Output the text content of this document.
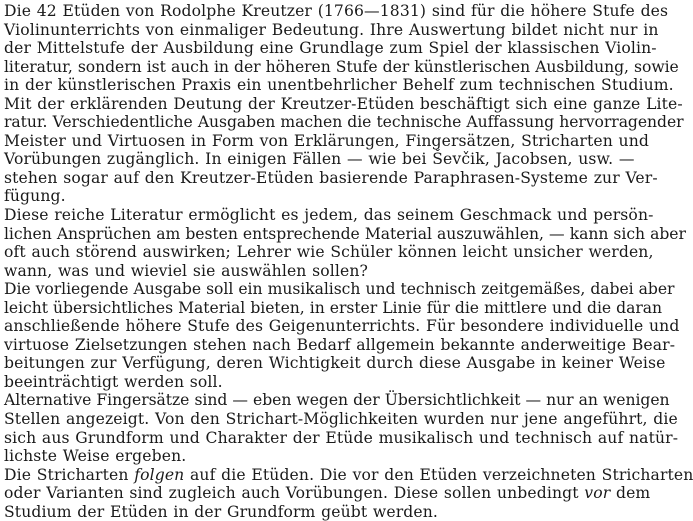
Die 42 Etüden von Rodolphe Kreutzer (1766—1831) sind für die höhere Stufe des
Violinunterrichts von einmaliger Bedeutung. Ihre Auswertung bildet nicht nur in
der Mittelstufe der Ausbildung eine Grundlage zum Spiel der klassischen Violin-
literatur, sondern ist auch in der höheren Stufe der künstlerischen Ausbildung, sowie
in der künstlerischen Praxis ein unentbehrlicher Behelf zum technischen Studium.
Mit der erklärenden Deutung der Kreutzer-Etüden beschäftigt sich eine ganze Lite-
ratur. Verschiedentliche Ausgaben machen die technische Auffassung hervorragender
Meister und Virtuosen in Form von Erklärungen, Fingersätzen, Stricharten und
Vorübungen zugänglich. In einigen Fällen — wie bei Ševčik, Jacobsen, usw. —
stehen sogar auf den Kreutzer-Etüden basierende Paraphrasen-Systeme zur Ver-
fügung.
Diese reiche Literatur ermöglicht es jedem, das seinem Geschmack und persön-
lichen Ansprüchen am besten entsprechende Material auszuwählen, — kann sich aber
oft auch störend auswirken; Lehrer wie Schüler können leicht unsicher werden,
wann, was und wieviel sie auswählen sollen?
Die vorliegende Ausgabe soll ein musikalisch und technisch zeitgemäßes, dabei aber
leicht übersichtliches Material bieten, in erster Linie für die mittlere und die daran
anschließende höhere Stufe des Geigenunterrichts. Für besondere individuelle und
virtuose Zielsetzungen stehen nach Bedarf allgemein bekannte anderweitige Bear-
beitungen zur Verfügung, deren Wichtigkeit durch diese Ausgabe in keiner Weise
beeinträchtigt werden soll.
Alternative Fingersätze sind — eben wegen der Übersichtlichkeit — nur an wenigen
Stellen angezeigt. Von den Strichart-Möglichkeiten wurden nur jene angeführt, die
sich aus Grundform und Charakter der Etüde musikalisch und technisch auf natür-
lichste Weise ergeben.
Die Stricharten folgen auf die Etüden. Die vor den Etüden verzeichneten Stricharten
oder Varianten sind zugleich auch Vorübungen. Diese sollen unbedingt vor dem
Studium der Etüden in der Grundform geübt werden.
